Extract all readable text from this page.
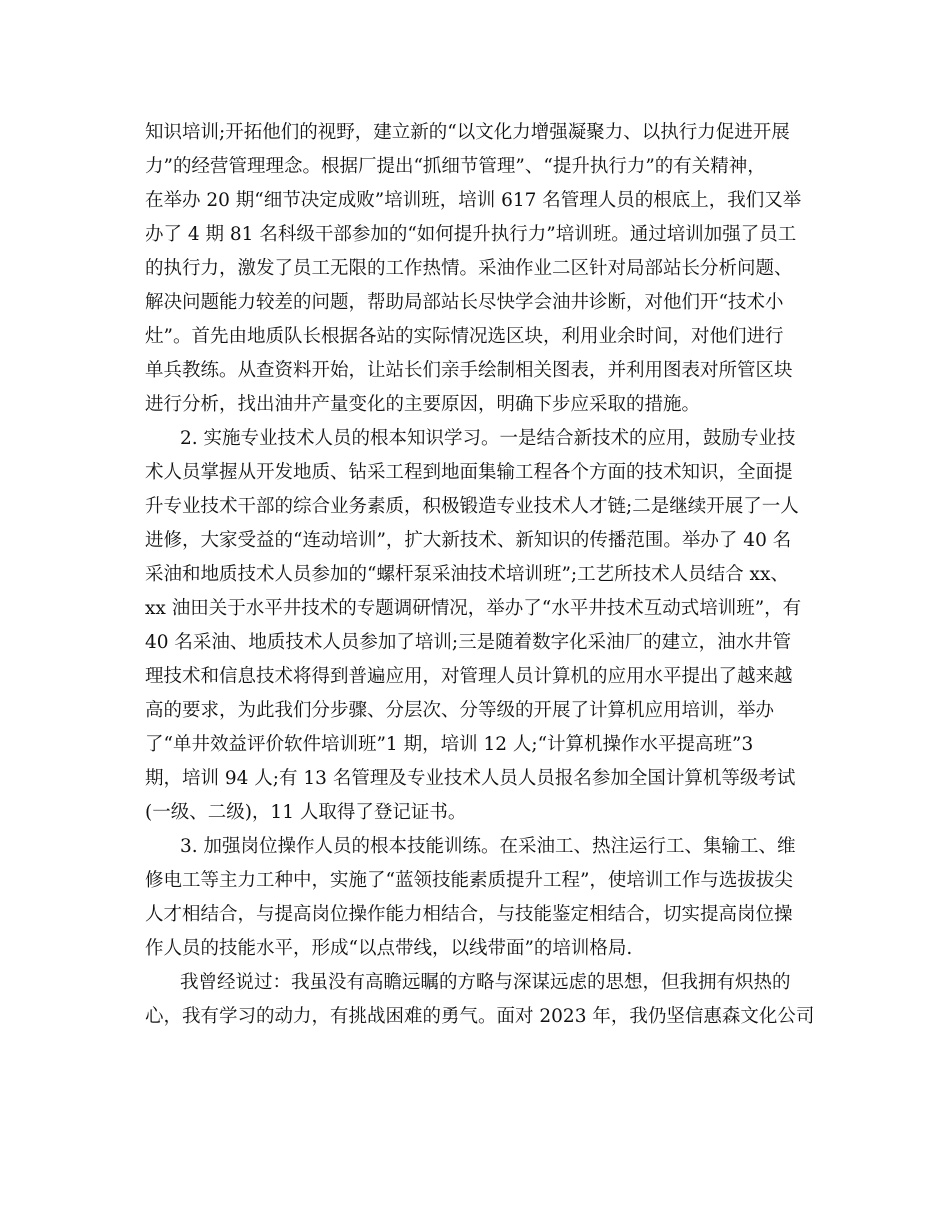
知识培训;开拓他们的视野，建立新的“以文化力增强凝聚力、以执行力促进开展
力”的经营管理理念。根据厂提出“抓细节管理”、“提升执行力”的有关精神，
在举办 20 期“细节决定成败”培训班，培训 617 名管理人员的根底上，我们又举
办了 4 期 81 名科级干部参加的“如何提升执行力”培训班。通过培训加强了员工
的执行力，激发了员工无限的工作热情。采油作业二区针对局部站长分析问题、
解决问题能力较差的问题，帮助局部站长尽快学会油井诊断，对他们开“技术小
灶”。首先由地质队长根据各站的实际情况选区块，利用业余时间，对他们进行
单兵教练。从查资料开始，让站长们亲手绘制相关图表，并利用图表对所管区块
进行分析，找出油井产量变化的主要原因，明确下步应采取的措施。
2. 实施专业技术人员的根本知识学习。一是结合新技术的应用，鼓励专业技
术人员掌握从开发地质、钻采工程到地面集输工程各个方面的技术知识，全面提
升专业技术干部的综合业务素质，积极锻造专业技术人才链;二是继续开展了一人
进修，大家受益的“连动培训”，扩大新技术、新知识的传播范围。举办了 40 名
采油和地质技术人员参加的“螺杆泵采油技术培训班”;工艺所技术人员结合 xx、
xx 油田关于水平井技术的专题调研情况，举办了“水平井技术互动式培训班”，有
40 名采油、地质技术人员参加了培训;三是随着数字化采油厂的建立，油水井管
理技术和信息技术将得到普遍应用，对管理人员计算机的应用水平提出了越来越
高的要求，为此我们分步骤、分层次、分等级的开展了计算机应用培训，举办
了“单井效益评价软件培训班”1 期，培训 12 人;“计算机操作水平提高班”3
期，培训 94 人;有 13 名管理及专业技术人员人员报名参加全国计算机等级考试
(一级、二级)，11 人取得了登记证书。
3. 加强岗位操作人员的根本技能训练。在采油工、热注运行工、集输工、维
修电工等主力工种中，实施了“蓝领技能素质提升工程”，使培训工作与选拔拔尖
人才相结合，与提高岗位操作能力相结合，与技能鉴定相结合，切实提高岗位操
作人员的技能水平，形成“以点带线，以线带面”的培训格局.
我曾经说过：我虽没有高瞻远瞩的方略与深谋远虑的思想，但我拥有炽热的
心，我有学习的动力，有挑战困难的勇气。面对 2023 年，我仍坚信惠森文化公司
